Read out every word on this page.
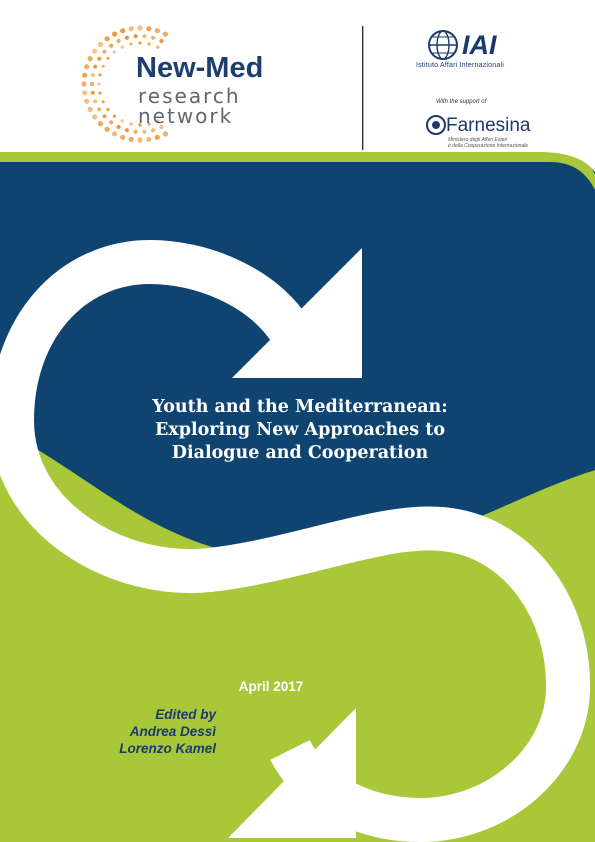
New-Med
research
network
IAI
Istituto Affari Internazionali
With the support of
Farnesina
Ministero degli Affari Esteri
e della Cooperazione Internazionale
Youth and the Mediterranean:
Exploring New Approaches to
Dialogue and Cooperation
April 2017
Edited by
Andrea Dessì
Lorenzo Kamel
